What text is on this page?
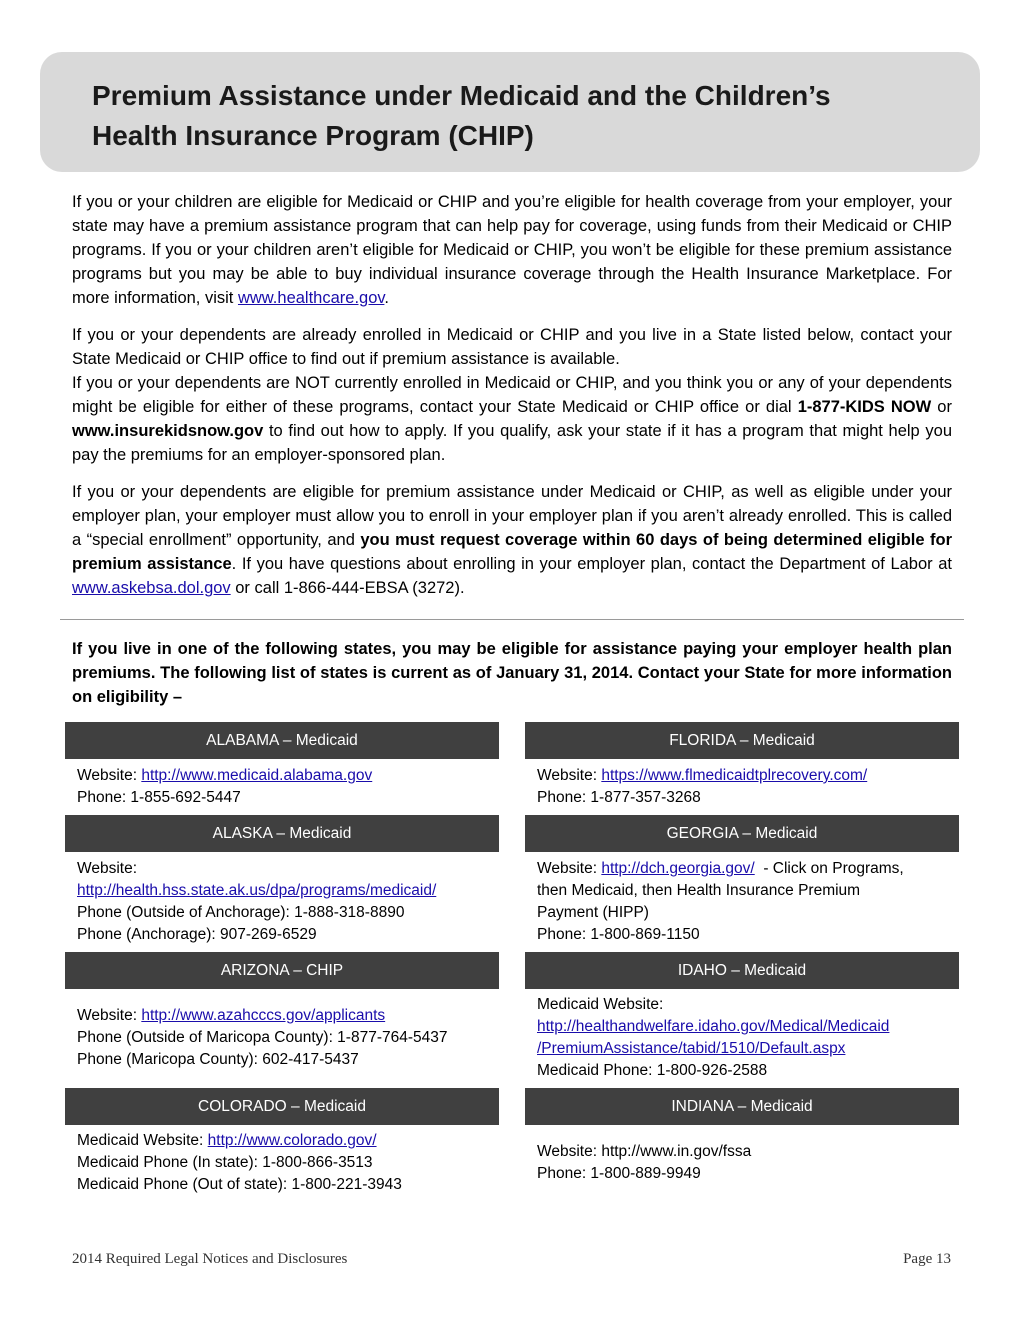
Premium Assistance under Medicaid and the Children’s
Health Insurance Program (CHIP)

If you or your children are eligible for Medicaid or CHIP and you’re eligible for health coverage from your employer, your state may have a premium assistance program that can help pay for coverage, using funds from their Medicaid or CHIP programs. If you or your children aren’t eligible for Medicaid or CHIP, you won’t be eligible for these premium assistance programs but you may be able to buy individual insurance coverage through the Health Insurance Marketplace. For more information, visit www.healthcare.gov.

If you or your dependents are already enrolled in Medicaid or CHIP and you live in a State listed below, contact your State Medicaid or CHIP office to find out if premium assistance is available.

If you or your dependents are NOT currently enrolled in Medicaid or CHIP, and you think you or any of your dependents might be eligible for either of these programs, contact your State Medicaid or CHIP office or dial 1-877-KIDS NOW or www.insurekidsnow.gov to find out how to apply. If you qualify, ask your state if it has a program that might help you pay the premiums for an employer-sponsored plan.

If you or your dependents are eligible for premium assistance under Medicaid or CHIP, as well as eligible under your employer plan, your employer must allow you to enroll in your employer plan if you aren’t already enrolled. This is called a “special enrollment” opportunity, and you must request coverage within 60 days of being determined eligible for premium assistance. If you have questions about enrolling in your employer plan, contact the Department of Labor at www.askebsa.dol.gov or call 1-866-444-EBSA (3272).

If you live in one of the following states, you may be eligible for assistance paying your employer health plan premiums. The following list of states is current as of January 31, 2014. Contact your State for more information on eligibility –

ALABAMA – Medicaid
Website: http://www.medicaid.alabama.gov
Phone: 1-855-692-5447
ALASKA – Medicaid
Website:
http://health.hss.state.ak.us/dpa/programs/medicaid/
Phone (Outside of Anchorage): 1-888-318-8890
Phone (Anchorage): 907-269-6529
ARIZONA – CHIP
Website: http://www.azahcccs.gov/applicants
Phone (Outside of Maricopa County): 1-877-764-5437
Phone (Maricopa County): 602-417-5437
COLORADO – Medicaid
Medicaid Website: http://www.colorado.gov/
Medicaid Phone (In state): 1-800-866-3513
Medicaid Phone (Out of state): 1-800-221-3943
FLORIDA – Medicaid
Website: https://www.flmedicaidtplrecovery.com/
Phone: 1-877-357-3268
GEORGIA – Medicaid
Website: http://dch.georgia.gov/  - Click on Programs,
then Medicaid, then Health Insurance Premium
Payment (HIPP)
Phone: 1-800-869-1150
IDAHO – Medicaid
Medicaid Website:
http://healthandwelfare.idaho.gov/Medical/Medicaid
/PremiumAssistance/tabid/1510/Default.aspx
Medicaid Phone: 1-800-926-2588
INDIANA – Medicaid
Website: http://www.in.gov/fssa
Phone: 1-800-889-9949
2014 Required Legal Notices and Disclosures	Page 13
